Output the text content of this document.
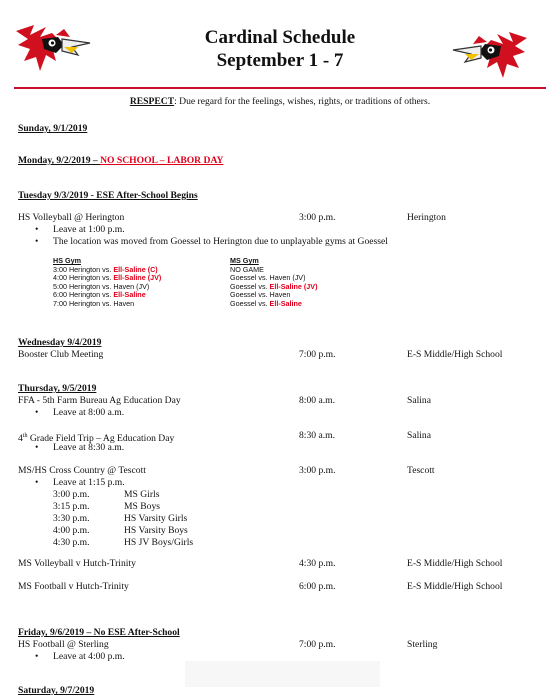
Cardinal Schedule
September 1 - 7
RESPECT: Due regard for the feelings, wishes, rights, or traditions of others.
Sunday, 9/1/2019
Monday, 9/2/2019 – NO SCHOOL – LABOR DAY
Tuesday 9/3/2019 - ESE After-School Begins
HS Volleyball @ Herington	3:00 p.m.	Herington
• Leave at 1:00 p.m.
• The location was moved from Goessel to Herington due to unplayable gyms at Goessel
HS Gym
3:00 Herington vs. Ell-Saline (C)
4:00 Herington vs. Ell-Saline (JV)
5:00 Herington vs. Haven (JV)
6:00 Herington vs. Ell-Saline
7:00 Herington vs. Haven
MS Gym
NO GAME
Goessel vs. Haven (JV)
Goessel vs. Ell-Saline (JV)
Goessel vs. Haven
Goessel vs. Ell-Saline
Wednesday 9/4/2019
Booster Club Meeting	7:00 p.m.	E-S Middle/High School
Thursday, 9/5/2019
FFA - 5th Farm Bureau Ag Education Day	8:00 a.m.	Salina
• Leave at 8:00 a.m.
4th Grade Field Trip – Ag Education Day	8:30 a.m.	Salina
• Leave at 8:30 a.m.
MS/HS Cross Country @ Tescott	3:00 p.m.	Tescott
• Leave at 1:15 p.m.
3:00 p.m.	MS Girls
3:15 p.m.	MS Boys
3:30 p.m.	HS Varsity Girls
4:00 p.m.	HS Varsity Boys
4:30 p.m.	HS JV Boys/Girls
MS Volleyball v Hutch-Trinity	4:30 p.m.	E-S Middle/High School
MS Football v Hutch-Trinity	6:00 p.m.	E-S Middle/High School
Friday, 9/6/2019 – No ESE After-School
HS Football @ Sterling	7:00 p.m.	Sterling
• Leave at 4:00 p.m.
Saturday, 9/7/2019
